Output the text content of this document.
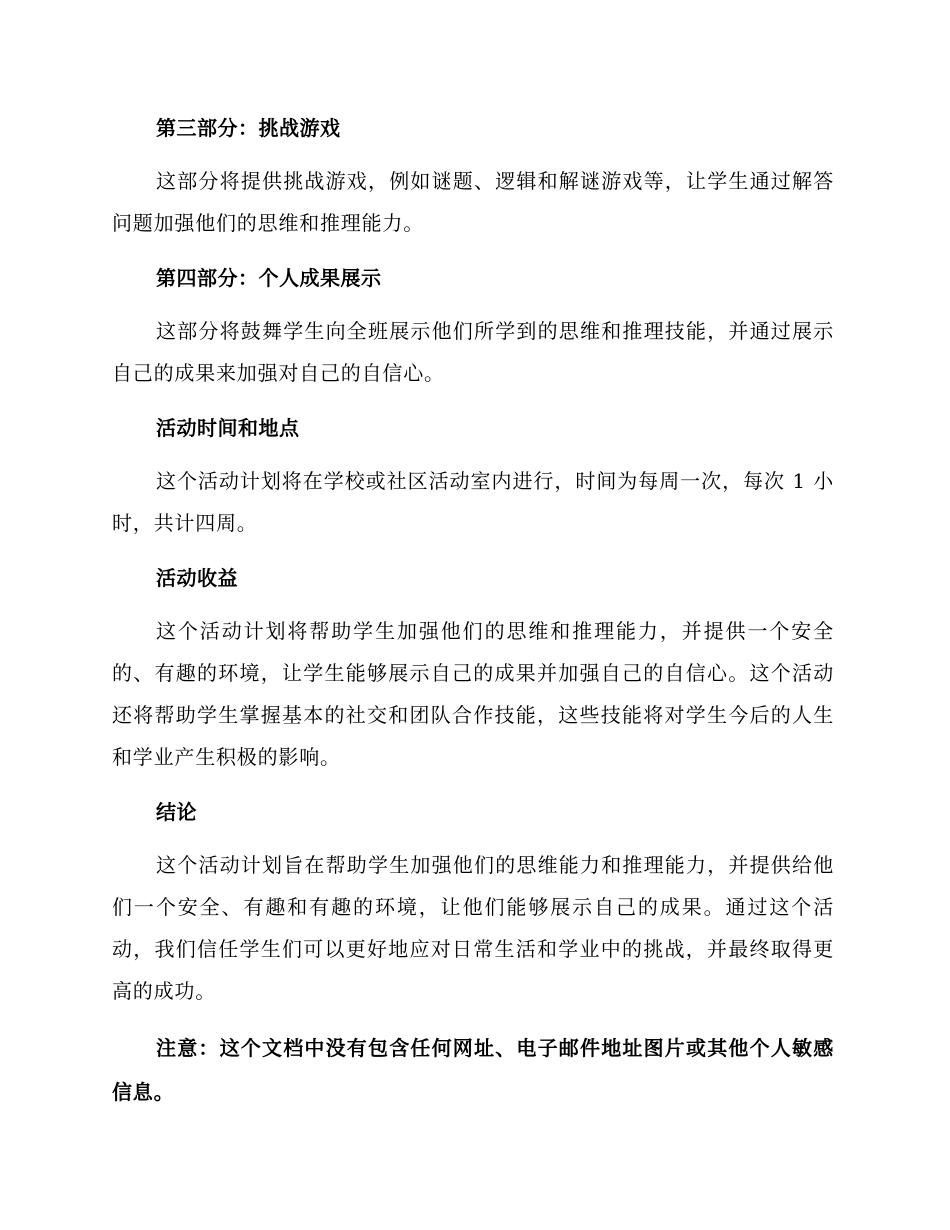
第三部分：挑战游戏

这部分将提供挑战游戏，例如谜题、逻辑和解谜游戏等，让学生通过解答问题加强他们的思维和推理能力。

第四部分：个人成果展示

这部分将鼓舞学生向全班展示他们所学到的思维和推理技能，并通过展示自己的成果来加强对自己的自信心。

活动时间和地点

这个活动计划将在学校或社区活动室内进行，时间为每周一次，每次 1 小时，共计四周。

活动收益

这个活动计划将帮助学生加强他们的思维和推理能力，并提供一个安全的、有趣的环境，让学生能够展示自己的成果并加强自己的自信心。这个活动还将帮助学生掌握基本的社交和团队合作技能，这些技能将对学生今后的人生和学业产生积极的影响。

结论

这个活动计划旨在帮助学生加强他们的思维能力和推理能力，并提供给他们一个安全、有趣和有趣的环境，让他们能够展示自己的成果。通过这个活动，我们信任学生们可以更好地应对日常生活和学业中的挑战，并最终取得更高的成功。

注意：这个文档中没有包含任何网址、电子邮件地址图片或其他个人敏感信息。
